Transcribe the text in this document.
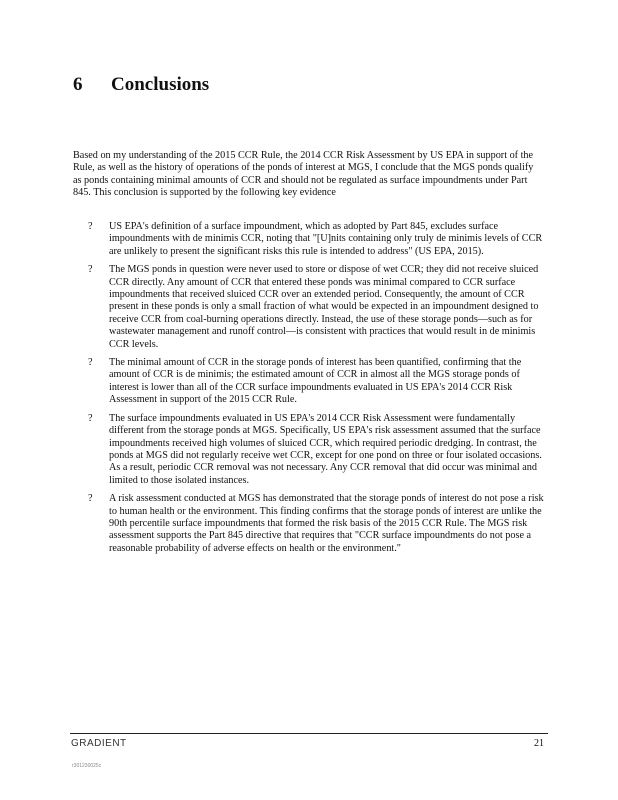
6 Conclusions

Based on my understanding of the 2015 CCR Rule, the 2014 CCR Risk Assessment by US EPA in support of the Rule, as well as the history of operations of the ponds of interest at MGS, I conclude that the MGS ponds qualify as ponds containing minimal amounts of CCR and should not be regulated as surface impoundments under Part 845. This conclusion is supported by the following key evidence

?	US EPA's definition of a surface impoundment, which as adopted by Part 845, excludes surface impoundments with de minimis CCR, noting that "[U]nits containing only truly de minimis levels of CCR are unlikely to present the significant risks this rule is intended to address" (US EPA, 2015).
?	The MGS ponds in question were never used to store or dispose of wet CCR; they did not receive sluiced CCR directly. Any amount of CCR that entered these ponds was minimal compared to CCR surface impoundments that received sluiced CCR over an extended period. Consequently, the amount of CCR present in these ponds is only a small fraction of what would be expected in an impoundment designed to receive CCR from coal-burning operations directly. Instead, the use of these storage ponds—such as for wastewater management and runoff control—is consistent with practices that would result in de minimis CCR levels.
?	The minimal amount of CCR in the storage ponds of interest has been quantified, confirming that the amount of CCR is de minimis; the estimated amount of CCR in almost all the MGS storage ponds of interest is lower than all of the CCR surface impoundments evaluated in US EPA's 2014 CCR Risk Assessment in support of the 2015 CCR Rule.
?	The surface impoundments evaluated in US EPA's 2014 CCR Risk Assessment were fundamentally different from the storage ponds at MGS. Specifically, US EPA's risk assessment assumed that the surface impoundments received high volumes of sluiced CCR, which required periodic dredging. In contrast, the ponds at MGS did not regularly receive wet CCR, except for one pond on three or four isolated occasions. As a result, periodic CCR removal was not necessary. Any CCR removal that did occur was minimal and limited to those isolated instances.
?	A risk assessment conducted at MGS has demonstrated that the storage ponds of interest do not pose a risk to human health or the environment. This finding confirms that the storage ponds of interest are unlike the 90th percentile surface impoundments that formed the risk basis of the 2015 CCR Rule. The MGS risk assessment supports the Part 845 directive that requires that "CCR surface impoundments do not pose a reasonable probability of adverse effects on health or the environment."
GRADIENT	21
r301230025c
